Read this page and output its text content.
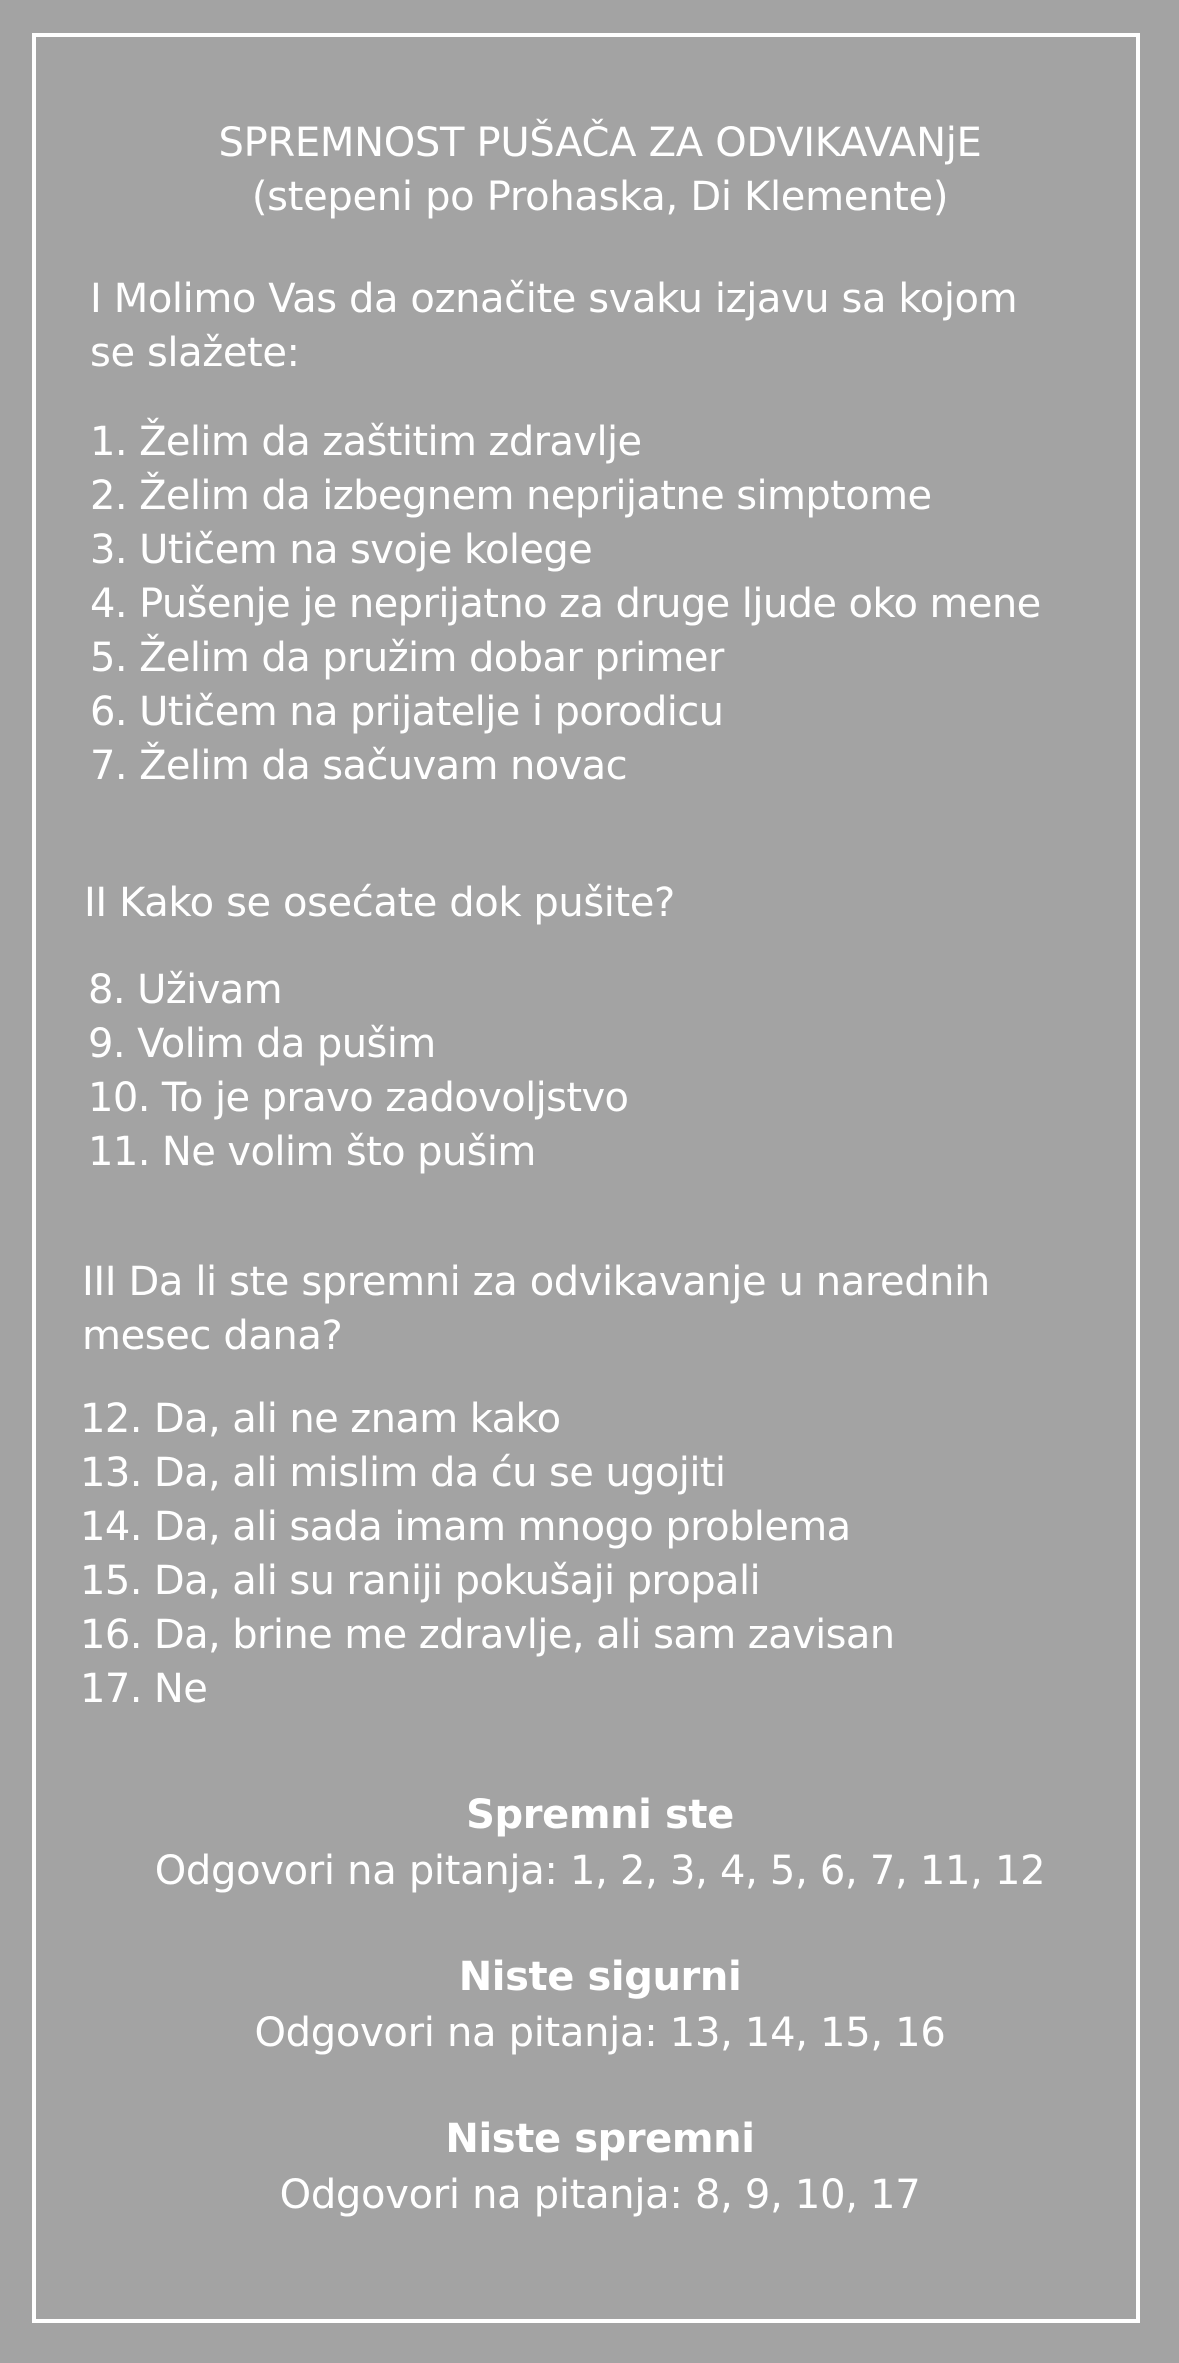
SPREMNOST PUŠAČA ZA ODVIKAVANjE
(stepeni po Prohaska, Di Klemente)
I Molimo Vas da označite svaku izjavu sa kojom
se slažete:
1. Želim da zaštitim zdravlje
2. Želim da izbegnem neprijatne simptome
3. Utičem na svoje kolege
4. Pušenje je neprijatno za druge ljude oko mene
5. Želim da pružim dobar primer
6. Utičem na prijatelje i porodicu
7. Želim da sačuvam novac
II Kako se osećate dok pušite?
8. Uživam
9. Volim da pušim
10. To je pravo zadovoljstvo
11. Ne volim što pušim
III Da li ste spremni za odvikavanje u narednih
mesec dana?
12. Da, ali ne znam kako
13. Da, ali mislim da ću se ugojiti
14. Da, ali sada imam mnogo problema
15. Da, ali su raniji pokušaji propali
16. Da, brine me zdravlje, ali sam zavisan
17. Ne
Spremni ste
Odgovori na pitanja: 1, 2, 3, 4, 5, 6, 7, 11, 12
Niste sigurni
Odgovori na pitanja: 13, 14, 15, 16
Niste spremni
Odgovori na pitanja: 8, 9, 10, 17
